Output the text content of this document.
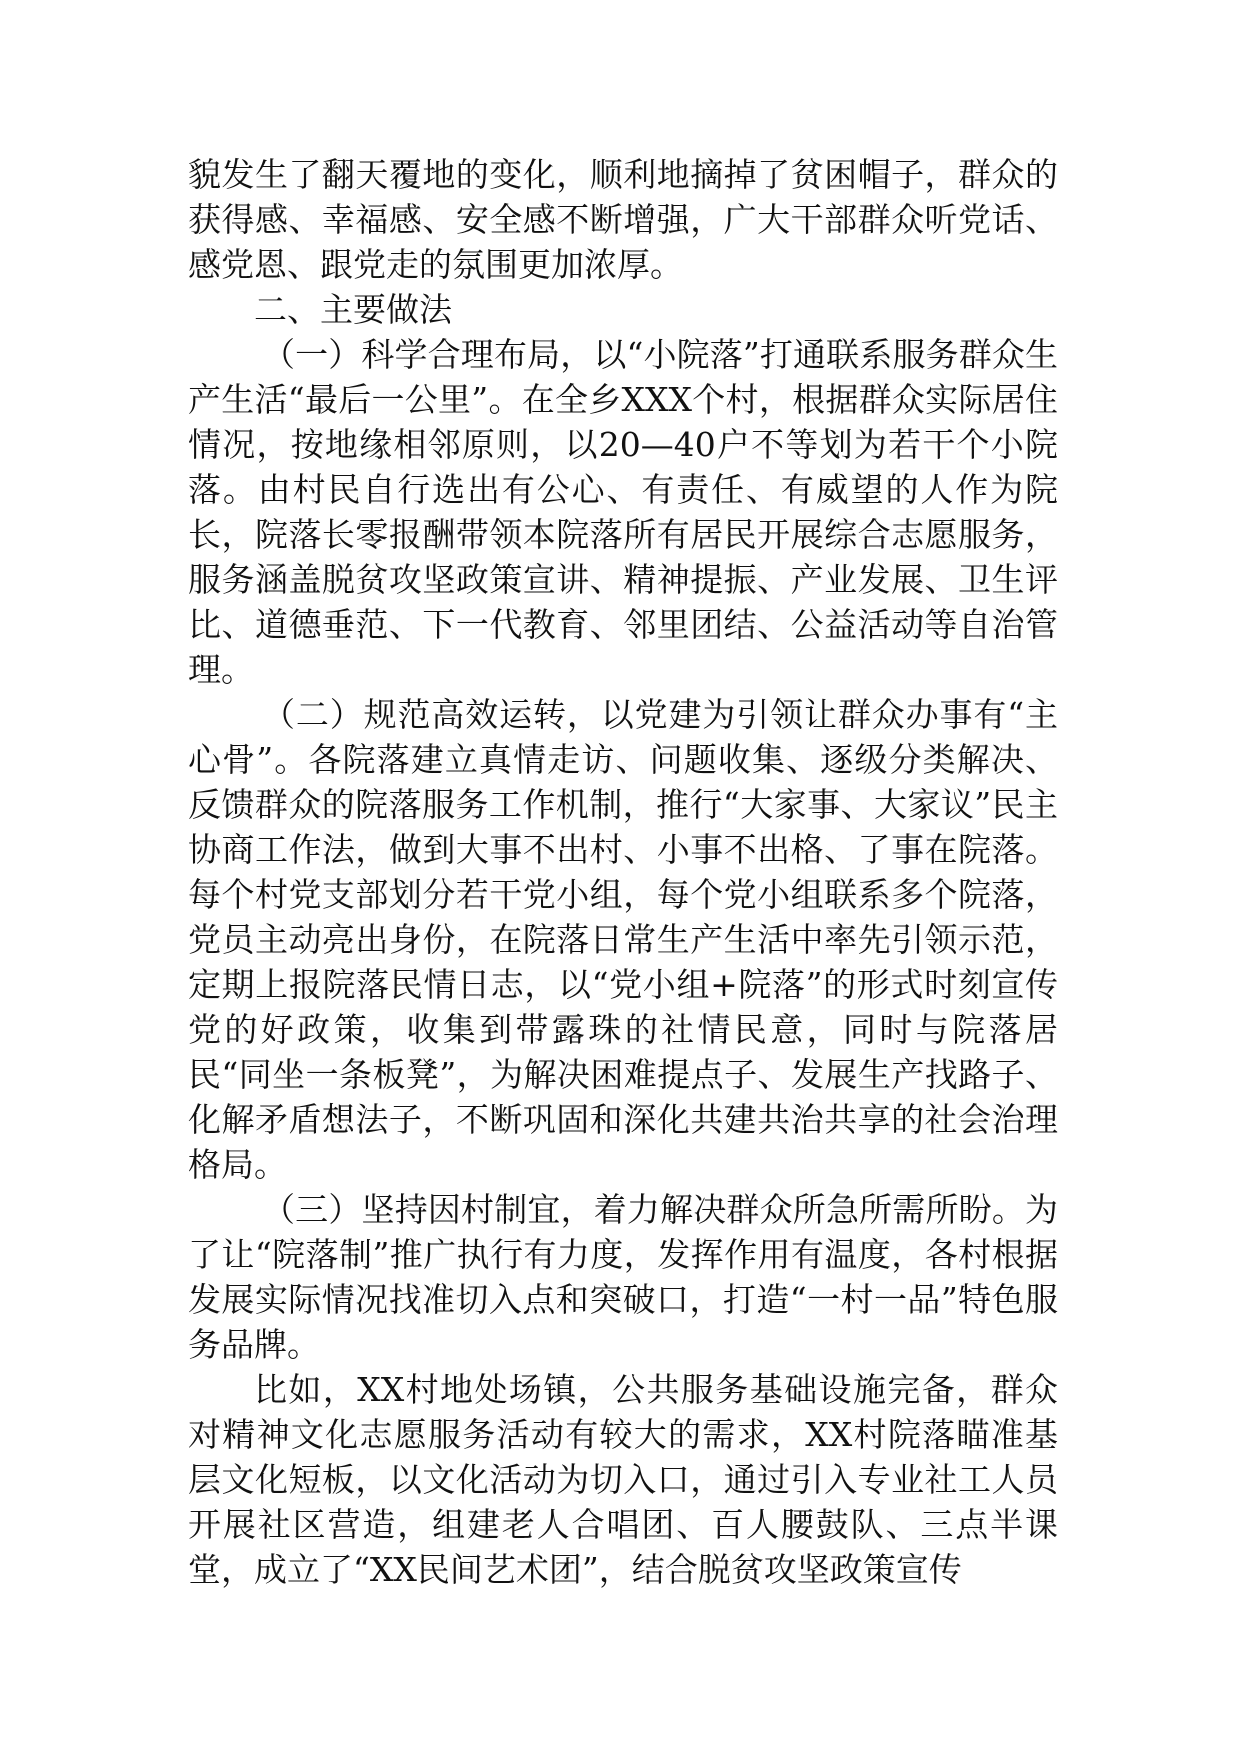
貌发生了翻天覆地的变化，顺利地摘掉了贫困帽子，群众的获得感、幸福感、安全感不断增强，广大干部群众听党话、感党恩、跟党走的氛围更加浓厚。

二、主要做法

（一）科学合理布局，以“小院落”打通联系服务群众生产生活“最后一公里”。在全乡XXX个村，根据群众实际居住情况，按地缘相邻原则，以20—40户不等划为若干个小院落。由村民自行选出有公心、有责任、有威望的人作为院长，院落长零报酬带领本院落所有居民开展综合志愿服务，服务涵盖脱贫攻坚政策宣讲、精神提振、产业发展、卫生评比、道德垂范、下一代教育、邻里团结、公益活动等自治管理。

（二）规范高效运转，以党建为引领让群众办事有“主心骨”。各院落建立真情走访、问题收集、逐级分类解决、反馈群众的院落服务工作机制，推行“大家事、大家议”民主协商工作法，做到大事不出村、小事不出格、了事在院落。每个村党支部划分若干党小组，每个党小组联系多个院落，党员主动亮出身份，在院落日常生产生活中率先引领示范，定期上报院落民情日志，以“党小组+院落”的形式时刻宣传党的好政策，收集到带露珠的社情民意，同时与院落居民“同坐一条板凳”，为解决困难提点子、发展生产找路子、化解矛盾想法子，不断巩固和深化共建共治共享的社会治理格局。

（三）坚持因村制宜，着力解决群众所急所需所盼。为了让“院落制”推广执行有力度，发挥作用有温度，各村根据发展实际情况找准切入点和突破口，打造“一村一品”特色服务品牌。

比如，XX村地处场镇，公共服务基础设施完备，群众对精神文化志愿服务活动有较大的需求，XX村院落瞄准基层文化短板，以文化活动为切入口，通过引入专业社工人员开展社区营造，组建老人合唱团、百人腰鼓队、三点半课堂，成立了“XX民间艺术团”，结合脱贫攻坚政策宣传
